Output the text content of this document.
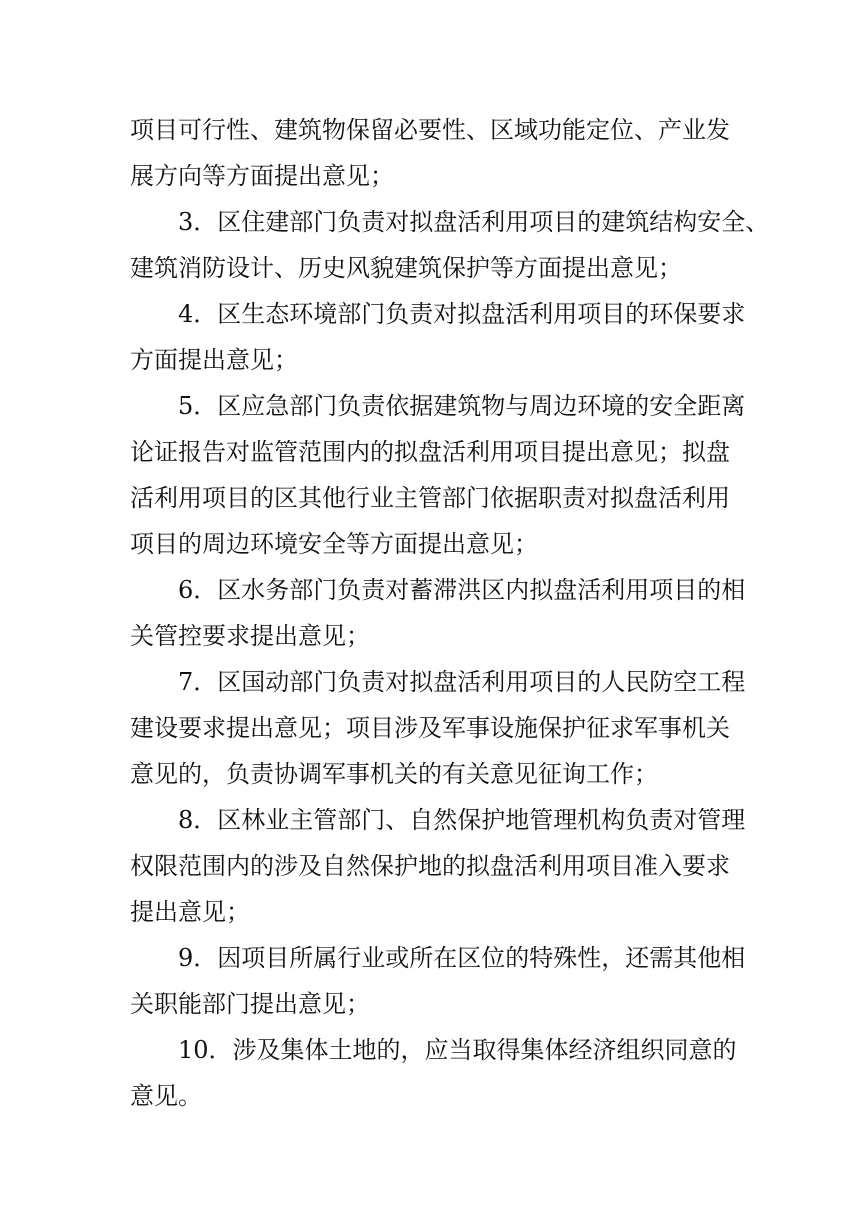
项目可行性、建筑物保留必要性、区域功能定位、产业发
展方向等方面提出意见；
3．区住建部门负责对拟盘活利用项目的建筑结构安全、
建筑消防设计、历史风貌建筑保护等方面提出意见；
4．区生态环境部门负责对拟盘活利用项目的环保要求
方面提出意见；
5．区应急部门负责依据建筑物与周边环境的安全距离
论证报告对监管范围内的拟盘活利用项目提出意见；拟盘
活利用项目的区其他行业主管部门依据职责对拟盘活利用
项目的周边环境安全等方面提出意见；
6．区水务部门负责对蓄滞洪区内拟盘活利用项目的相
关管控要求提出意见；
7．区国动部门负责对拟盘活利用项目的人民防空工程
建设要求提出意见；项目涉及军事设施保护征求军事机关
意见的，负责协调军事机关的有关意见征询工作；
8．区林业主管部门、自然保护地管理机构负责对管理
权限范围内的涉及自然保护地的拟盘活利用项目准入要求
提出意见；
9．因项目所属行业或所在区位的特殊性，还需其他相
关职能部门提出意见；
10．涉及集体土地的，应当取得集体经济组织同意的
意见。
